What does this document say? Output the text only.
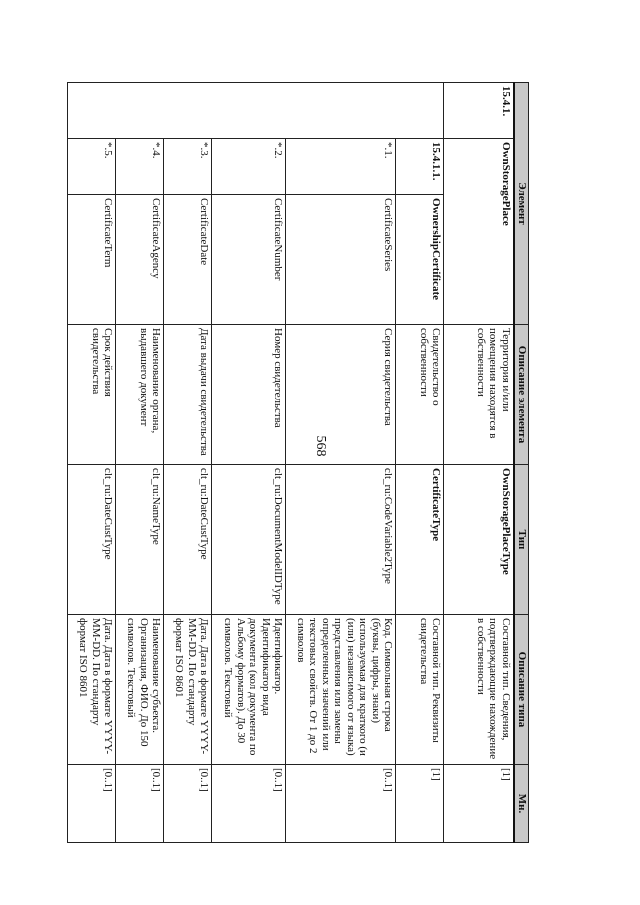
568
Элемент			Описание элемента	Тип	Описание типа	Мн.
15.4.1.	OwnStoragePlace		Территория и/или помещения находятся в собственности	OwnStoragePlaceType	Составной тип. Сведения, подтверждающие нахождение в собственности	[1]
	15.4.1.1.	OwnershipCertificate	Свидетельство о собственности	CertificateType	Составной тип. Реквизиты свидетельства	[1]
	*.1.	CertificateSeries	Серия свидетельства	clt_ru:CodeVariable2Type	Код. Символьная строка (буквы, цифры, знаки) используемая для краткого (и (или) независимого от языка) представления или замены определенных значений или текстовых свойств. От 1 до 2 символов	[0..1]
	*.2.	CertificateNumber	Номер свидетельства	clt_ru:DocumentModelIDType	Идентификатор. Идентификатор вида документа (кол документа по Альбому форматов). До 30 символов. Текстовый	[0..1]
	*.3.	CertificateDate	Дата выдачи свидетельства	clt_ru:DateCustType	Дата. Дата в формате YYYY-MM-DD. По стандарту формат ISO 8601	[0..1]
	*.4.	CertificateAgency	Наименование органа, выдавшего документ	clt_ru:NameType	Наименование субъекта. Организация, ФИО. До 150 символов. Текстовый	[0..1]
	*.5.	CertificateTerm	Срок действия свидетельства	clt_ru:DateCustType	Дата. Дата в формате YYYY-MM-DD. По стандарту формат ISO 8601	[0..1]
